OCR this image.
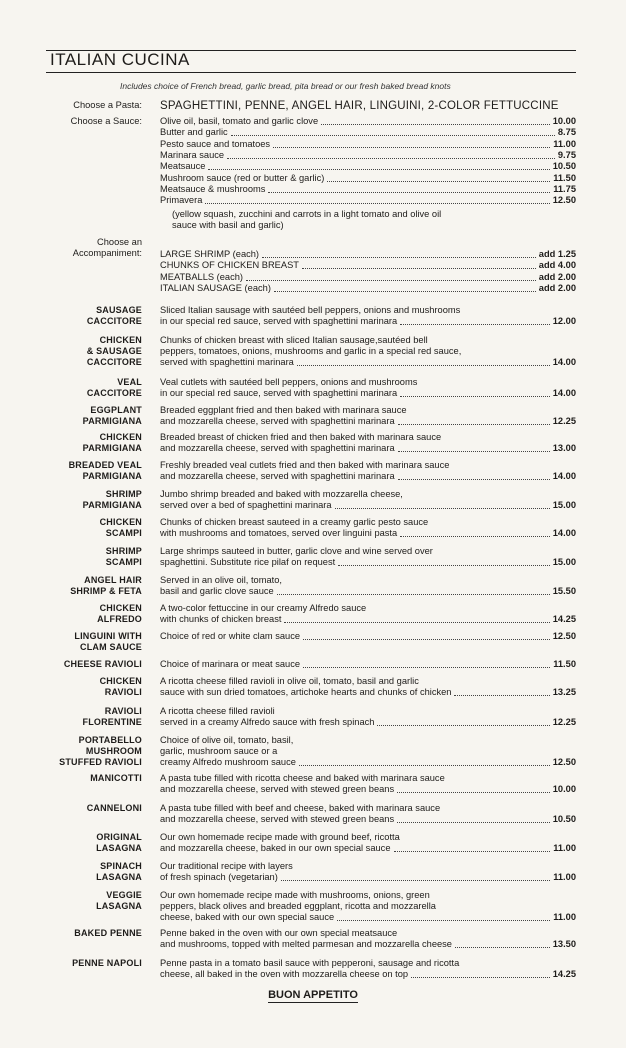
ITALIAN CUCINA
Includes choice of French bread, garlic bread, pita bread or our fresh baked bread knots
Choose a Pasta: SPAGHETTINI, PENNE, ANGEL HAIR, LINGUINI, 2-COLOR FETTUCCINE
Choose a Sauce: Olive oil, basil, tomato and garlic clove	10.00
Butter and garlic	8.75
Pesto sauce and tomatoes	11.00
Marinara sauce	9.75
Meatsauce	10.50
Mushroom sauce (red or butter & garlic)	11.50
Meatsauce & mushrooms	11.75
Primavera	12.50
(yellow squash, zucchini and carrots in a light tomato and olive oil
sauce with basil and garlic)
Choose an
Accompaniment: LARGE SHRIMP (each)	add 1.25
CHUNKS OF CHICKEN BREAST	add 4.00
MEATBALLS (each)	add 2.00
ITALIAN SAUSAGE (each)	add 2.00
SAUSAGE
CACCITORE
Sliced Italian sausage with sautéed bell peppers, onions and mushrooms
in our special red sauce, served with spaghettini marinara	12.00
CHICKEN
& SAUSAGE
CACCITORE
Chunks of chicken breast with sliced Italian sausage,sautéed bell
peppers, tomatoes, onions, mushrooms and garlic in a special red sauce,
served with spaghettini marinara	14.00
VEAL
CACCITORE
Veal cutlets with sautéed bell peppers, onions and mushrooms
in our special red sauce, served with spaghettini marinara	14.00
EGGPLANT
PARMIGIANA
Breaded eggplant fried and then baked with marinara sauce
and mozzarella cheese, served with spaghettini marinara	12.25
CHICKEN
PARMIGIANA
Breaded breast of chicken fried and then baked with marinara sauce
and mozzarella cheese, served with spaghettini marinara	13.00
BREADED VEAL
PARMIGIANA
Freshly breaded veal cutlets fried and then baked with marinara sauce
and mozzarella cheese, served with spaghettini marinara	14.00
SHRIMP
PARMIGIANA
Jumbo shrimp breaded and baked with mozzarella cheese,
served over a bed of spaghettini marinara	15.00
CHICKEN
SCAMPI
Chunks of chicken breast sauteed in a creamy garlic pesto sauce
with mushrooms and tomatoes, served over linguini pasta	14.00
SHRIMP
SCAMPI
Large shrimps sauteed in butter, garlic clove and wine served over
spaghettini. Substitute rice pilaf on request	15.00
ANGEL HAIR
SHRIMP & FETA
Served in an olive oil, tomato,
basil and garlic clove sauce	15.50
CHICKEN
ALFREDO
A two-color fettuccine in our creamy Alfredo sauce
with chunks of chicken breast	14.25
LINGUINI WITH
CLAM SAUCE
Choice of red or white clam sauce	12.50
CHEESE RAVIOLI Choice of marinara or meat sauce	11.50
CHICKEN
RAVIOLI
A ricotta cheese filled ravioli in olive oil, tomato, basil and garlic
sauce with sun dried tomatoes, artichoke hearts and chunks of chicken	13.25
RAVIOLI
FLORENTINE
A ricotta cheese filled ravioli
served in a creamy Alfredo sauce with fresh spinach	12.25
PORTABELLO
MUSHROOM
STUFFED RAVIOLI
Choice of olive oil, tomato, basil,
garlic, mushroom sauce or a
creamy Alfredo mushroom sauce	12.50
MANICOTTI A pasta tube filled with ricotta cheese and baked with marinara sauce
and mozzarella cheese, served with stewed green beans	10.00
CANNELONI A pasta tube filled with beef and cheese, baked with marinara sauce
and mozzarella cheese, served with stewed green beans	10.50
ORIGINAL
LASAGNA
Our own homemade recipe made with ground beef, ricotta
and mozzarella cheese, baked in our own special sauce	11.00
SPINACH
LASAGNA
Our traditional recipe with layers
of fresh spinach (vegetarian)	11.00
VEGGIE
LASAGNA
Our own homemade recipe made with mushrooms, onions, green
peppers, black olives and breaded eggplant, ricotta and mozzarella
cheese, baked with our own special sauce	11.00
BAKED PENNE Penne baked in the oven with our own special meatsauce
and mushrooms, topped with melted parmesan and mozzarella cheese	13.50
PENNE NAPOLI Penne pasta in a tomato basil sauce with pepperoni, sausage and ricotta
cheese, all baked in the oven with mozzarella cheese on top	14.25
BUON APPETITO
